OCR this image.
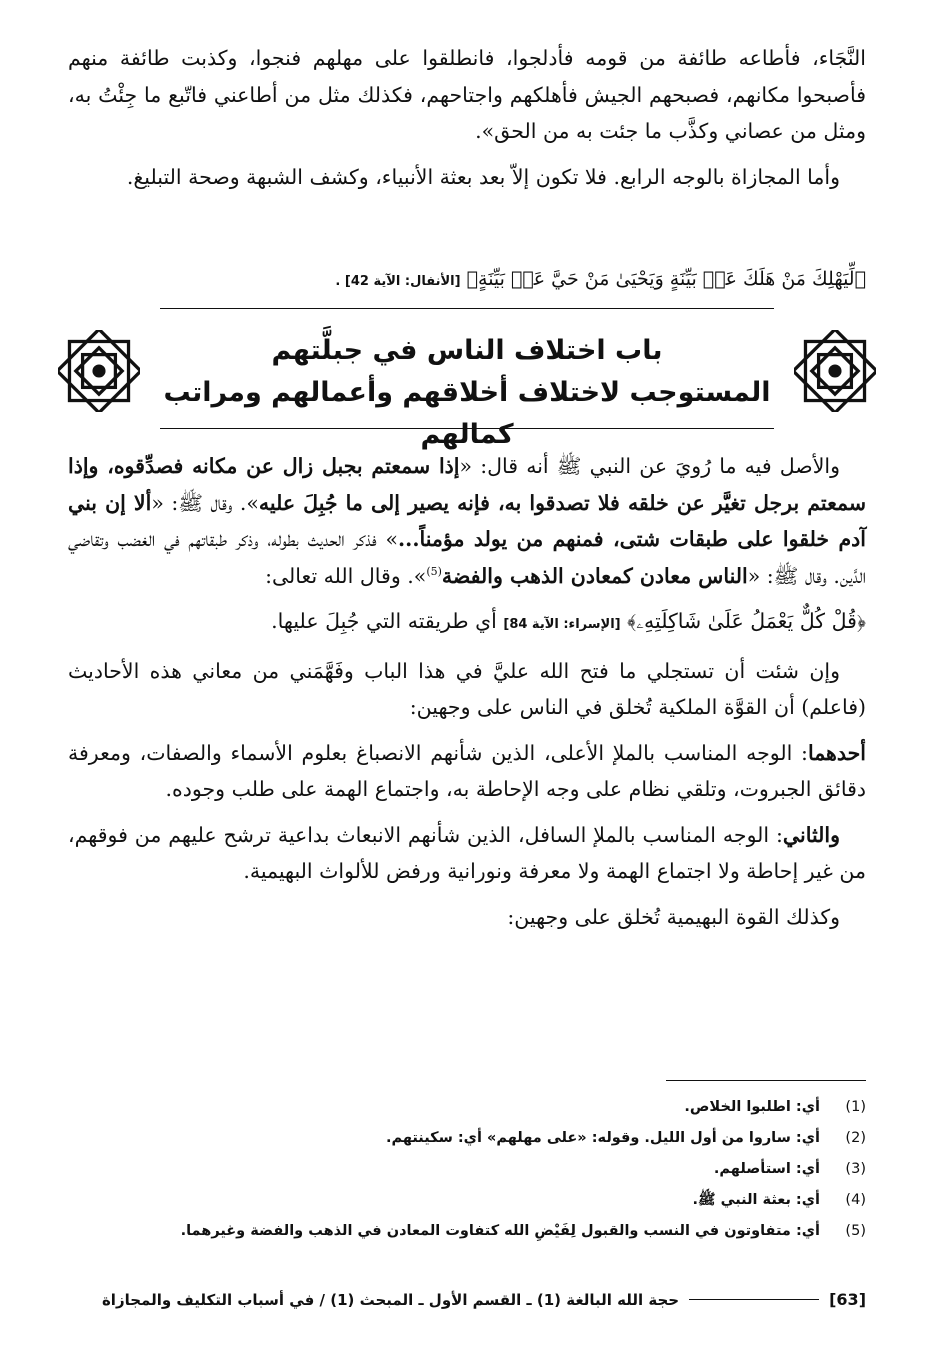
النَّجَاء، فأطاعه طائفة من قومه فأدلجوا، فانطلقوا على مهلهم فنجوا، وكذبت طائفة منهم فأصبحوا مكانهم، فصبحهم الجيش فأهلكهم واجتاحهم، فكذلك مثل من أطاعني فاتّبع ما جِئْتُ به، ومثل من عصاني وكذَّب ما جئت به من الحق».

وأما المجازاة بالوجه الرابع. فلا تكون إلاّ بعد بعثة الأنبياء، وكشف الشبهة وصحة التبليغ.

﴿لِّيَهْلِكَ مَنْ هَلَكَ عَنۢ بَيِّنَةٍ وَيَحْيَىٰ مَنْ حَيَّ عَنۢ بَيِّنَةٍ﴾ [الأنفال: الآية 42] .
باب اختلاف الناس في جبلَّتهم
المستوجب لاختلاف أخلاقهم وأعمالهم ومراتب كمالهم

والأصل فيه ما رُويَ عن النبي ﷺ أنه قال: «إذا سمعتم بجبل زال عن مكانه فصدِّقوه، وإذا سمعتم برجل تغيَّر عن خلقه فلا تصدقوا به، فإنه يصير إلى ما جُبِلَ عليه». وقال ﷺ: «ألا إن بني آدم خلقوا على طبقات شتى، فمنهم من يولد مؤمناً...» فذكر الحديث بطوله، وذكر طبقاتهم في الغضب وتقاضي الدَّين. وقال ﷺ: «الناس معادن كمعادن الذهب والفضة$^{(5)}$». وقال الله تعالى:

﴿قُلْ كُلٌّ يَعْمَلُ عَلَىٰ شَاكِلَتِهِۦ﴾ [الإسراء: الآية 84] أي طريقته التي جُبِلَ عليها.

وإن شئت أن تستجلي ما فتح الله عليَّ في هذا الباب وفَهَّمَني من معاني هذه الأحاديث (فاعلم) أن القوَّة الملكية تُخلق في الناس على وجهين:

أحدهما: الوجه المناسب بالملإ الأعلى، الذين شأنهم الانصباغ بعلوم الأسماء والصفات، ومعرفة دقائق الجبروت، وتلقي نظام على وجه الإحاطة به، واجتماع الهمة على طلب وجوده.

والثاني: الوجه المناسب بالملإ السافل، الذين شأنهم الانبعاث بداعية ترشح عليهم من فوقهم، من غير إحاطة ولا اجتماع الهمة ولا معرفة ونورانية ورفض للألواث البهيمية.

وكذلك القوة البهيمية تُخلق على وجهين:

(1)
أي: اطلبوا الخلاص.
(2)
أي: ساروا من أول الليل. وقوله: «على مهلهم» أي: سكينتهم.
(3)
أي: استأصلهم.
(4)
أي: بعثة النبي ﷺ.
(5)
أي: متفاوتون في النسب والقبول لِفَيْضِ الله كتفاوت المعادن في الذهب والفضة وغيرهما.
[63]
حجة الله البالغة (1) ـ القسم الأول ـ المبحث (1) / في أسباب التكليف والمجازاة
